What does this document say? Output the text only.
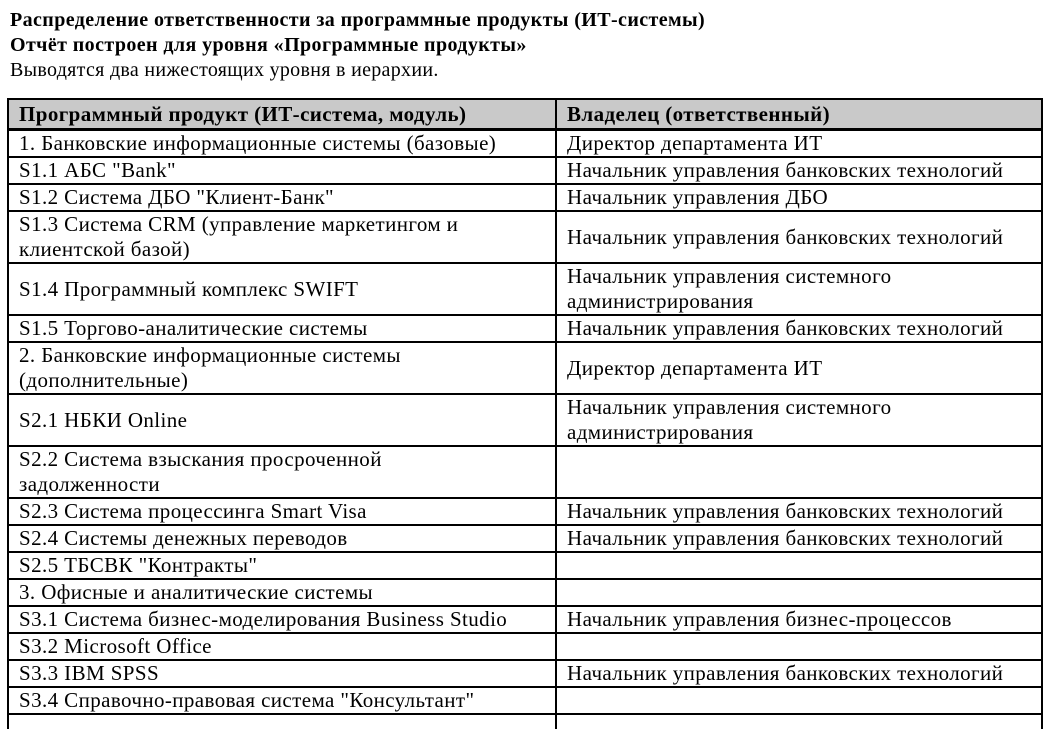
Распределение ответственности за программные продукты (ИТ-системы)
Отчёт построен для уровня «Программные продукты»
Выводятся два нижестоящих уровня в иерархии.
Программный продукт (ИТ-система, модуль)	Владелец (ответственный)
1. Банковские информационные системы (базовые)	Директор департамента ИТ
S1.1 АБС "Bank"	Начальник управления банковских технологий
S1.2 Система ДБО "Клиент-Банк"	Начальник управления ДБО
S1.3 Система CRM (управление маркетингом и клиентской базой)	Начальник управления банковских технологий
S1.4 Программный комплекс SWIFT	Начальник управления системного администрирования
S1.5 Торгово-аналитические системы	Начальник управления банковских технологий
2. Банковские информационные системы (дополнительные)	Директор департамента ИТ
S2.1 НБКИ Online	Начальник управления системного администрирования
S2.2 Система взыскания просроченной задолженности	
S2.3 Система процессинга Smart Visa	Начальник управления банковских технологий
S2.4 Системы денежных переводов	Начальник управления банковских технологий
S2.5 ТБСВК "Контракты"	
3. Офисные и аналитические системы	
S3.1 Система бизнес-моделирования Business Studio	Начальник управления бизнес-процессов
S3.2 Microsoft Office	
S3.3 IBM SPSS	Начальник управления банковских технологий
S3.4 Справочно-правовая система "Консультант"	
